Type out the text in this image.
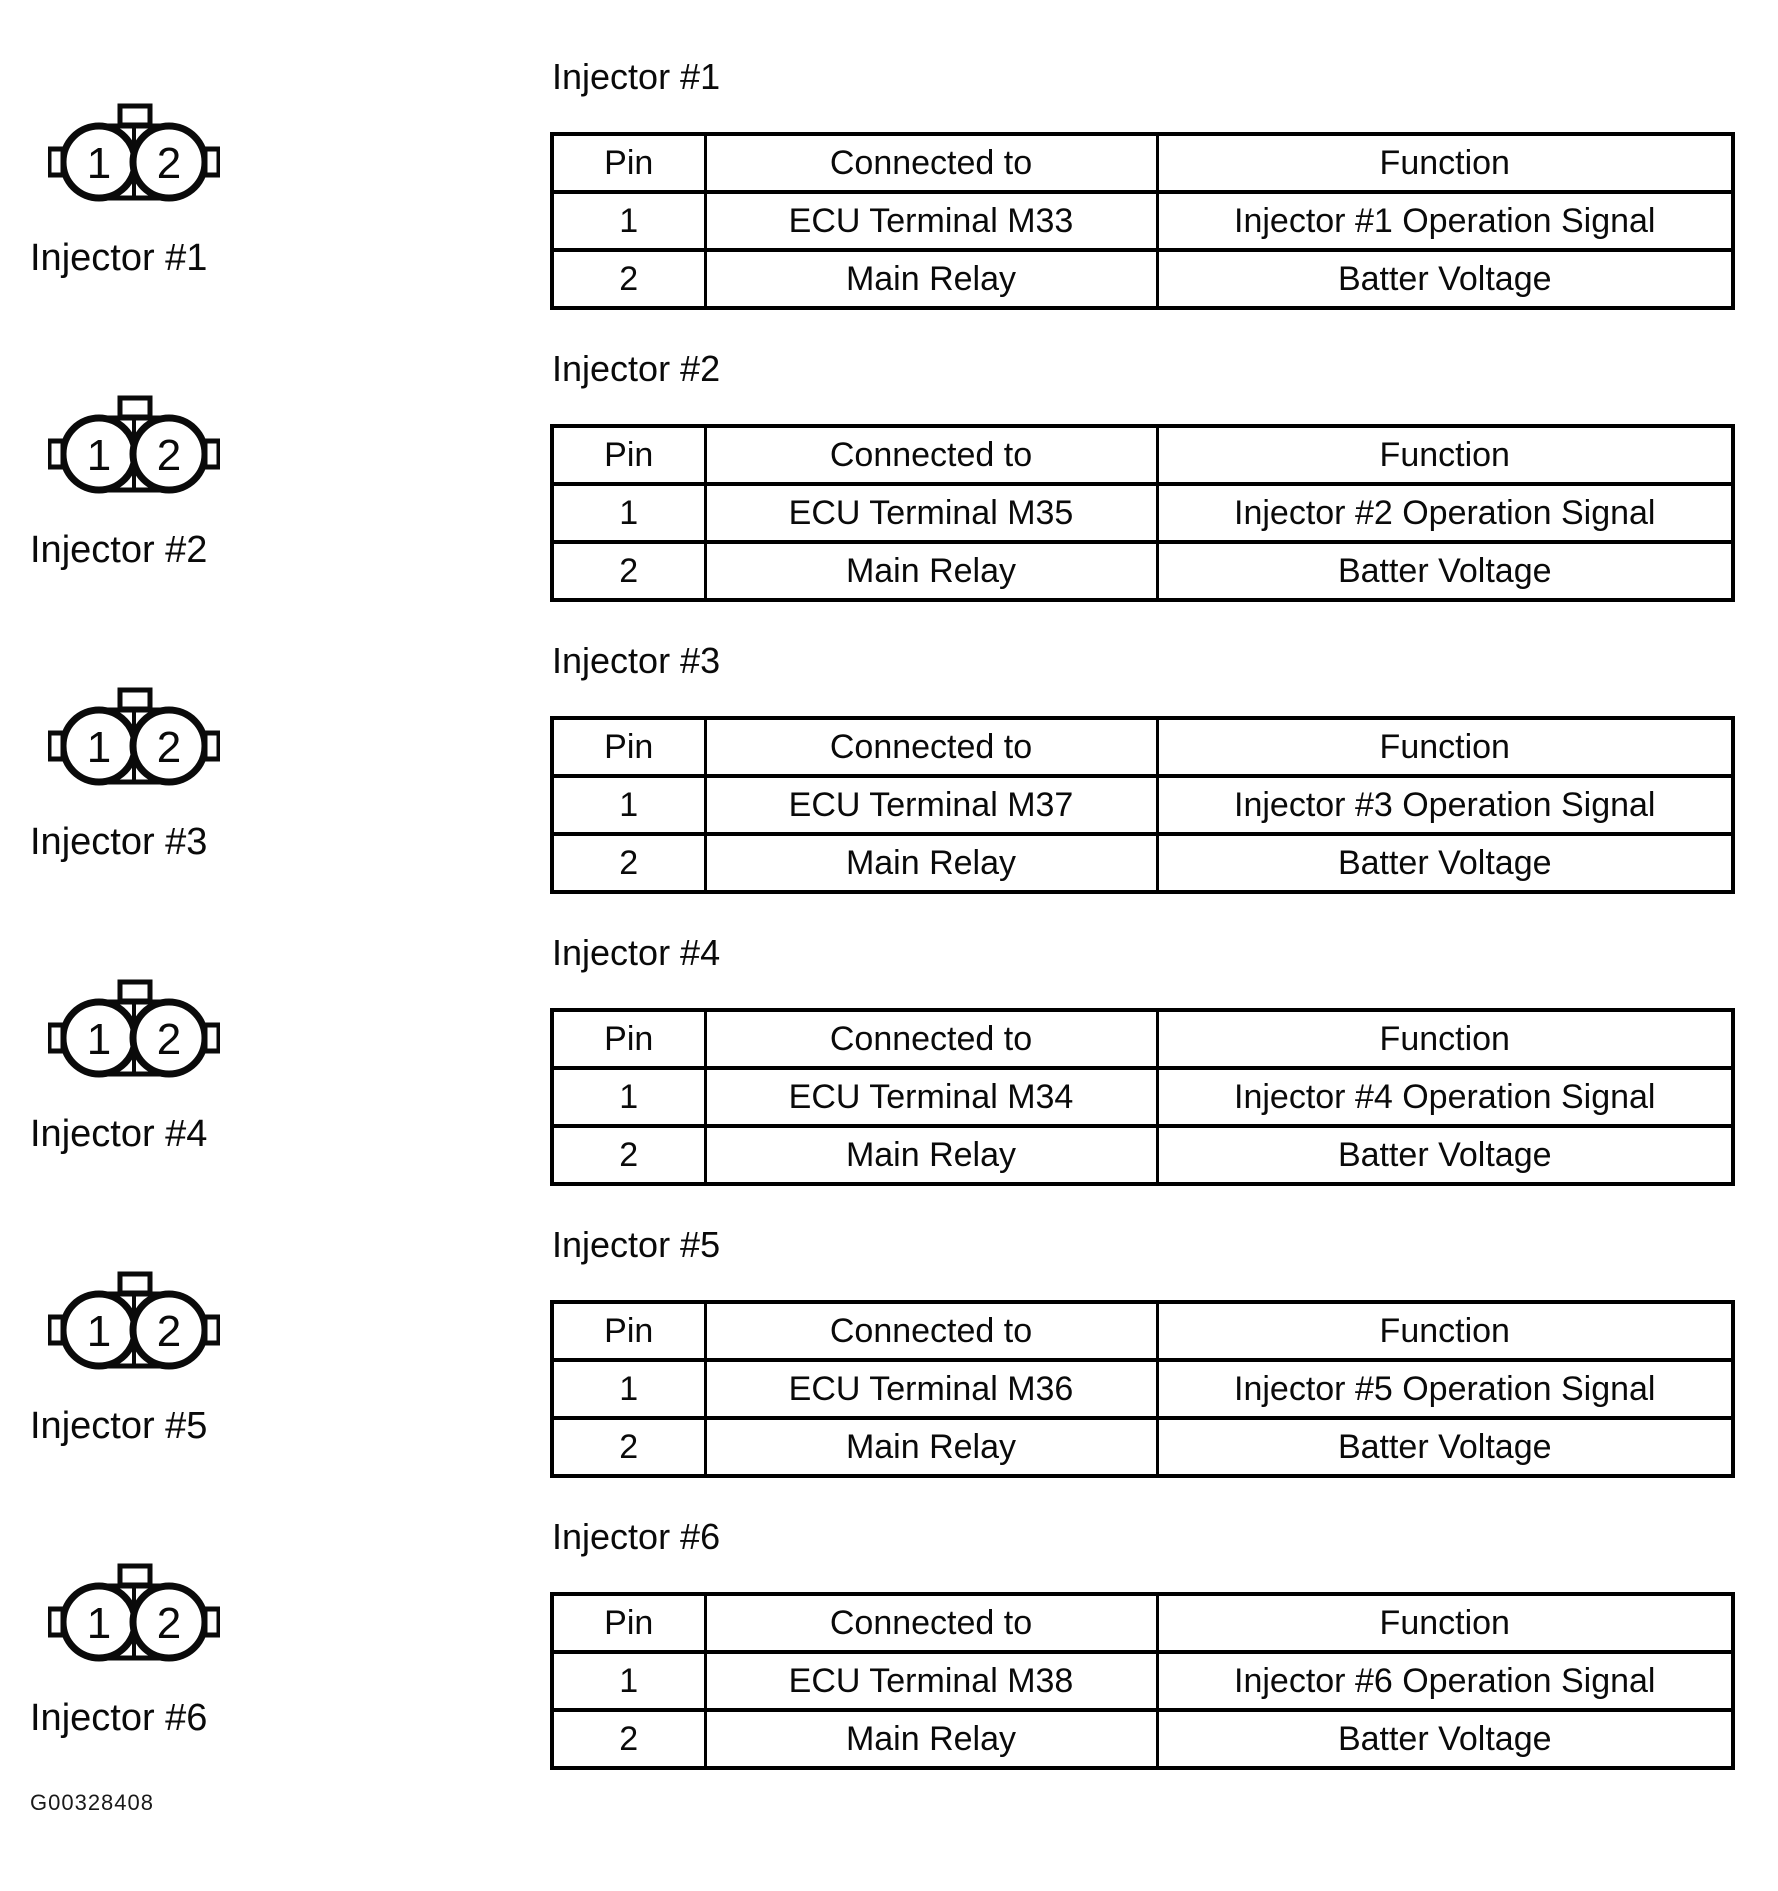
1 2
Injector #1
Injector #1
Pin	Connected to	Function
1	ECU Terminal M33	Injector #1 Operation Signal
2	Main Relay	Batter Voltage
1 2
Injector #2
Injector #2
Pin	Connected to	Function
1	ECU Terminal M35	Injector #2 Operation Signal
2	Main Relay	Batter Voltage
1 2
Injector #3
Injector #3
Pin	Connected to	Function
1	ECU Terminal M37	Injector #3 Operation Signal
2	Main Relay	Batter Voltage
1 2
Injector #4
Injector #4
Pin	Connected to	Function
1	ECU Terminal M34	Injector #4 Operation Signal
2	Main Relay	Batter Voltage
1 2
Injector #5
Injector #5
Pin	Connected to	Function
1	ECU Terminal M36	Injector #5 Operation Signal
2	Main Relay	Batter Voltage
1 2
Injector #6
Injector #6
Pin	Connected to	Function
1	ECU Terminal M38	Injector #6 Operation Signal
2	Main Relay	Batter Voltage
G00328408
